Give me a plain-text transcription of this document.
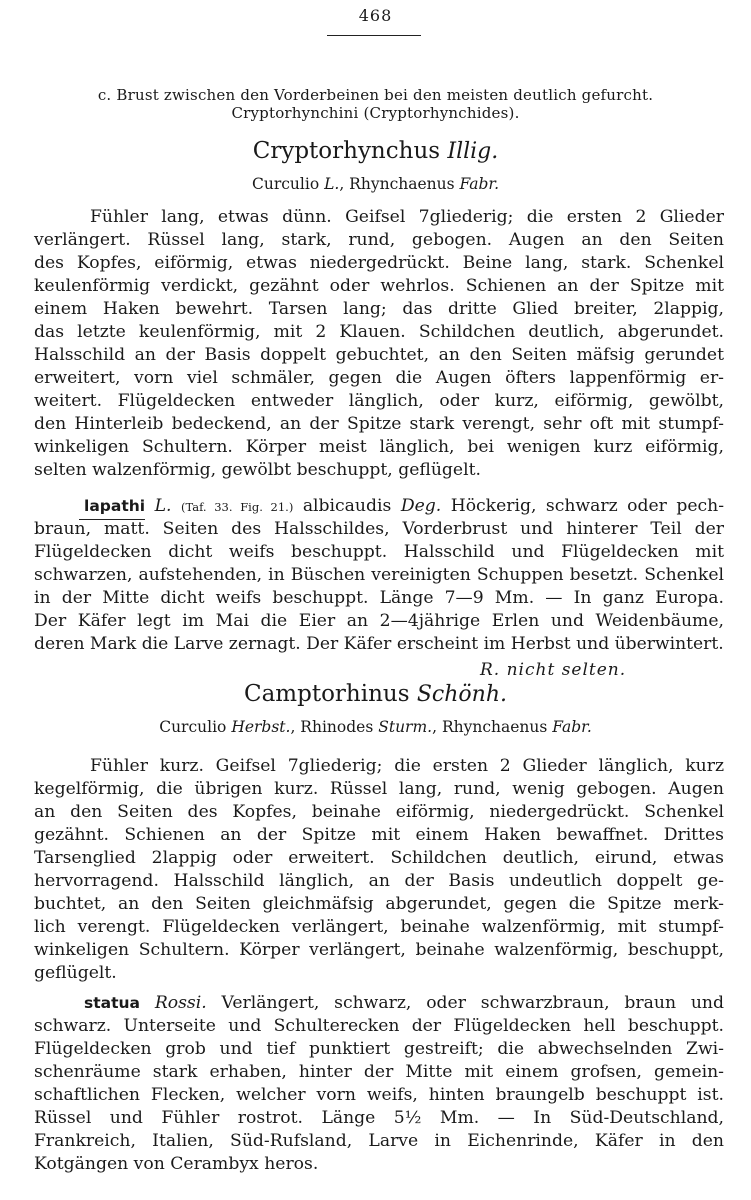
468
c. Brust zwischen den Vorderbeinen bei den meisten deutlich gefurcht.
Cryptorhynchini (Cryptorhynchides).
Cryptorhynchus Illig.
Curculio L., Rhynchaenus Fabr.
Fühler lang, etwas dünn. Geifsel 7gliederig; die ersten 2 Glieder
verlängert. Rüssel lang, stark, rund, gebogen. Augen an den Seiten
des Kopfes, eiförmig, etwas niedergedrückt. Beine lang, stark. Schenkel
keulenförmig verdickt, gezähnt oder wehrlos. Schienen an der Spitze mit
einem Haken bewehrt. Tarsen lang; das dritte Glied breiter, 2lappig,
das letzte keulenförmig, mit 2 Klauen. Schildchen deutlich, abgerundet.
Halsschild an der Basis doppelt gebuchtet, an den Seiten mäfsig gerundet
erweitert, vorn viel schmäler, gegen die Augen öfters lappenförmig er-
weitert. Flügeldecken entweder länglich, oder kurz, eiförmig, gewölbt,
den Hinterleib bedeckend, an der Spitze stark verengt, sehr oft mit stumpf-
winkeligen Schultern. Körper meist länglich, bei wenigen kurz eiförmig,
selten walzenförmig, gewölbt beschuppt, geflügelt.
lapathi L. (Taf. 33. Fig. 21.) albicaudis Deg. Höckerig, schwarz oder pech-
braun, matt. Seiten des Halsschildes, Vorderbrust und hinterer Teil der
Flügeldecken dicht weifs beschuppt. Halsschild und Flügeldecken mit
schwarzen, aufstehenden, in Büschen vereinigten Schuppen besetzt. Schenkel
in der Mitte dicht weifs beschuppt. Länge 7—9 Mm. — In ganz Europa.
Der Käfer legt im Mai die Eier an 2—4jährige Erlen und Weidenbäume,
deren Mark die Larve zernagt. Der Käfer erscheint im Herbst und überwintert.
R. nicht selten.
Camptorhinus Schönh.
Curculio Herbst., Rhinodes Sturm., Rhynchaenus Fabr.
Fühler kurz. Geifsel 7gliederig; die ersten 2 Glieder länglich, kurz
kegelförmig, die übrigen kurz. Rüssel lang, rund, wenig gebogen. Augen
an den Seiten des Kopfes, beinahe eiförmig, niedergedrückt. Schenkel
gezähnt. Schienen an der Spitze mit einem Haken bewaffnet. Drittes
Tarsenglied 2lappig oder erweitert. Schildchen deutlich, eirund, etwas
hervorragend. Halsschild länglich, an der Basis undeutlich doppelt ge-
buchtet, an den Seiten gleichmäfsig abgerundet, gegen die Spitze merk-
lich verengt. Flügeldecken verlängert, beinahe walzenförmig, mit stumpf-
winkeligen Schultern. Körper verlängert, beinahe walzenförmig, beschuppt,
geflügelt.
statua Rossi. Verlängert, schwarz, oder schwarzbraun, braun und
schwarz. Unterseite und Schulterecken der Flügeldecken hell beschuppt.
Flügeldecken grob und tief punktiert gestreift; die abwechselnden Zwi-
schenräume stark erhaben, hinter der Mitte mit einem grofsen, gemein-
schaftlichen Flecken, welcher vorn weifs, hinten braungelb beschuppt ist.
Rüssel und Fühler rostrot. Länge 5½ Mm. — In Süd-Deutschland,
Frankreich, Italien, Süd-Rufsland, Larve in Eichenrinde, Käfer in den
Kotgängen von Cerambyx heros.
